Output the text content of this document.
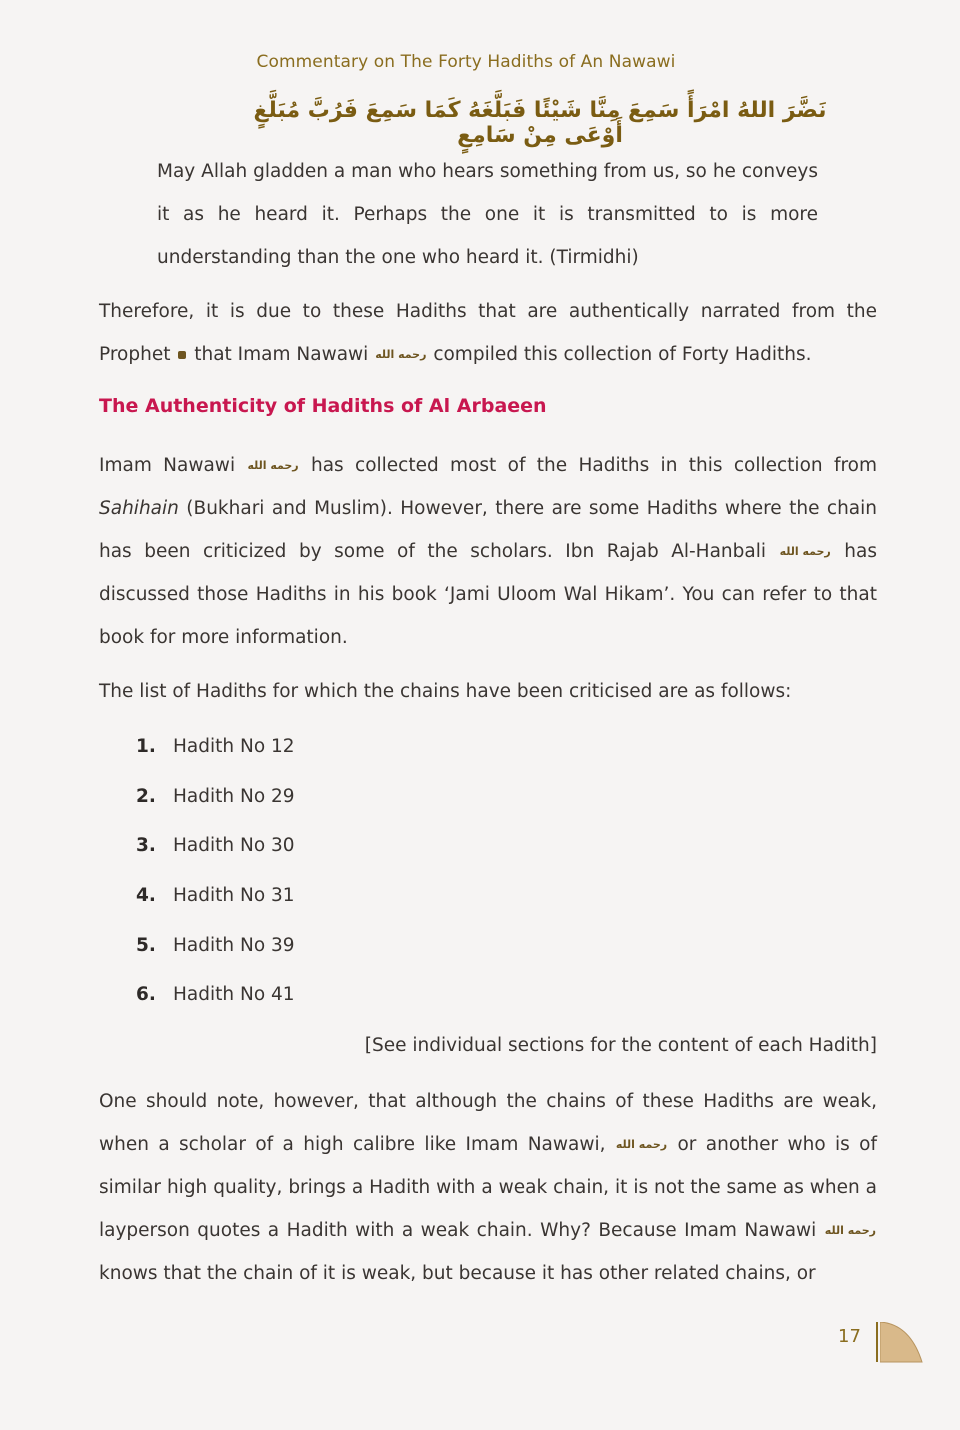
Commentary on The Forty Hadiths of An Nawawi
نَضَّرَ اللهُ امْرَأً سَمِعَ مِنَّا شَيْئًا فَبَلَّغَهُ كَمَا سَمِعَ فَرُبَّ مُبَلَّغٍ أَوْعَى مِنْ سَامِعٍ
May Allah gladden a man who hears something from us, so he conveys it as he heard it. Perhaps the one it is transmitted to is more understanding than the one who heard it. (Tirmidhi)
Therefore, it is due to these Hadiths that are authentically narrated from the Prophet that Imam Nawawi رحمه الله compiled this collection of Forty Hadiths.
The Authenticity of Hadiths of Al Arbaeen
Imam Nawawi رحمه الله has collected most of the Hadiths in this collection from Sahihain (Bukhari and Muslim). However, there are some Hadiths where the chain has been criticized by some of the scholars. Ibn Rajab Al-Hanbali رحمه الله has discussed those Hadiths in his book ‘Jami Uloom Wal Hikam’. You can refer to that book for more information.
The list of Hadiths for which the chains have been criticised are as follows:
1. Hadith No 12
2. Hadith No 29
3. Hadith No 30
4. Hadith No 31
5. Hadith No 39
6. Hadith No 41
[See individual sections for the content of each Hadith]
One should note, however, that although the chains of these Hadiths are weak, when a scholar of a high calibre like Imam Nawawi, رحمه الله or another who is of similar high quality, brings a Hadith with a weak chain, it is not the same as when a layperson quotes a Hadith with a weak chain. Why? Because Imam Nawawi رحمه الله knows that the chain of it is weak, but because it has other related chains, or
17
